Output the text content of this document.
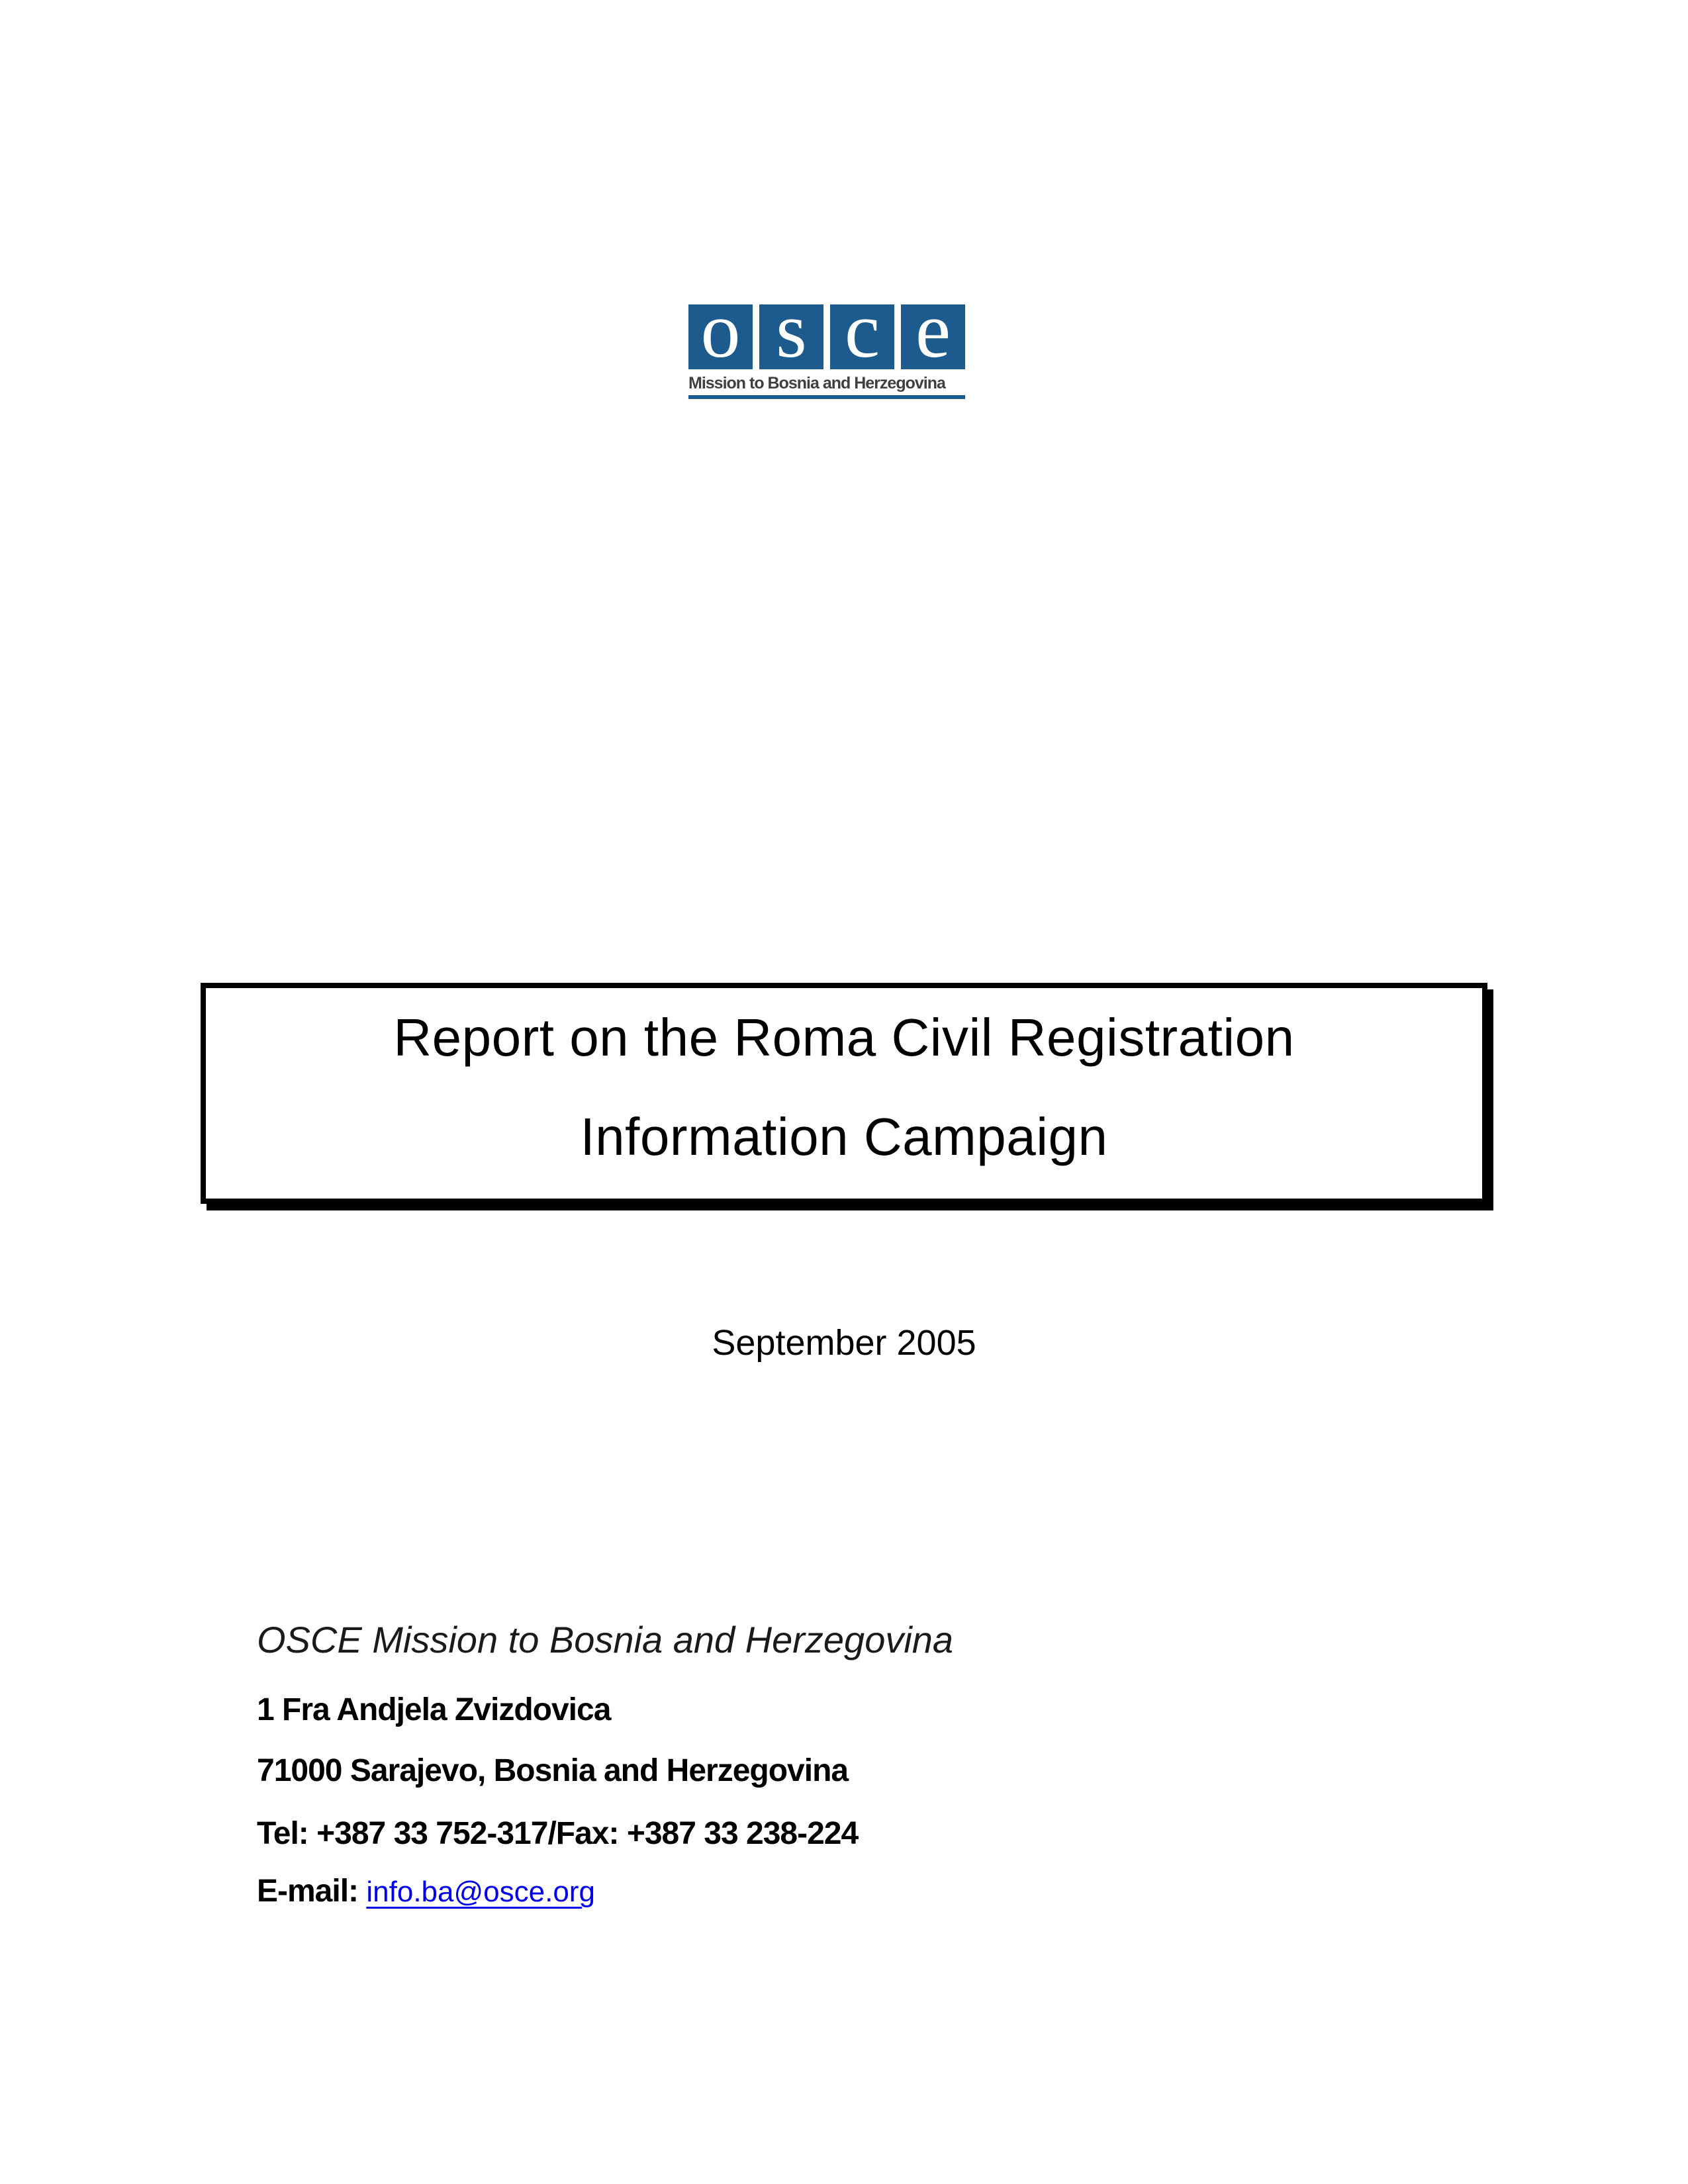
o s c e
Mission to Bosnia and Herzegovina
Report on the Roma Civil Registration
Information Campaign
September 2005
OSCE Mission to Bosnia and Herzegovina
1 Fra Andjela Zvizdovica
71000 Sarajevo, Bosnia and Herzegovina
Tel: +387 33 752-317/Fax: +387 33 238-224
E-mail: info.ba@osce.org
